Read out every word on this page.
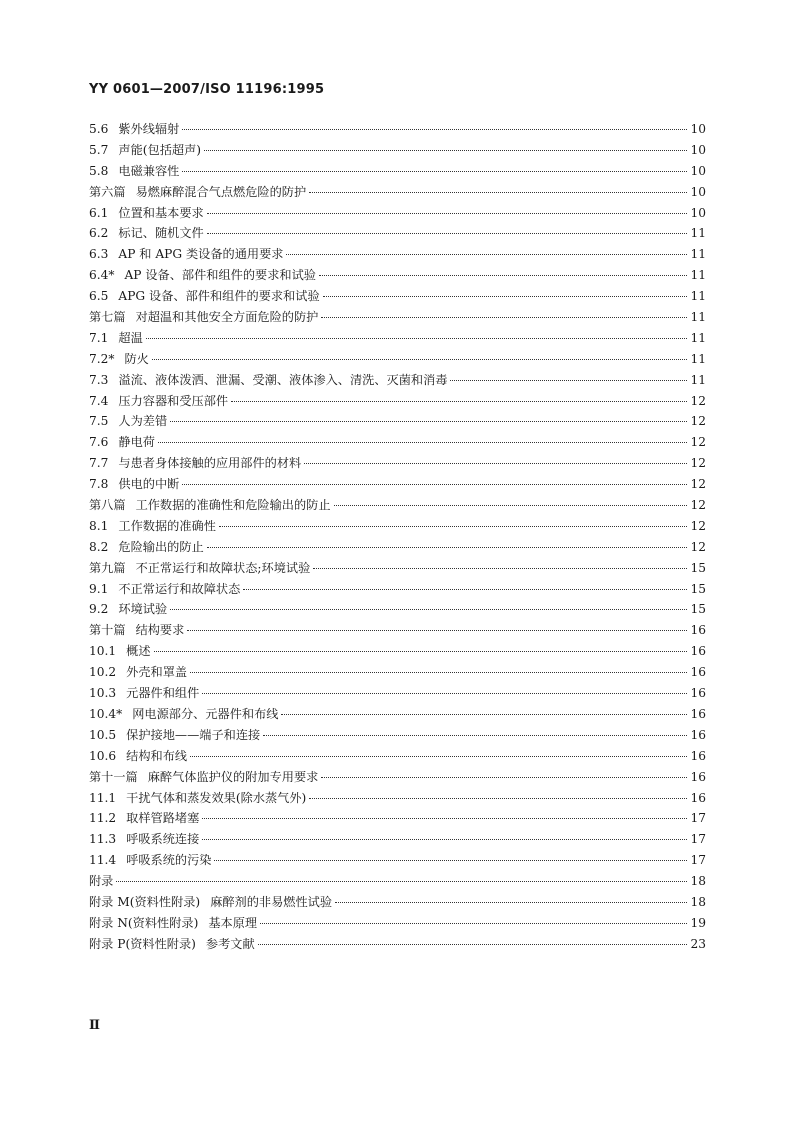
YY 0601—2007/ISO 11196:1995
5.6 紫外线辐射	10
5.7 声能(包括超声)	10
5.8 电磁兼容性	10
第六篇 易燃麻醉混合气点燃危险的防护	10
6.1 位置和基本要求	10
6.2 标记、随机文件	11
6.3 AP 和 APG 类设备的通用要求	11
6.4* AP 设备、部件和组件的要求和试验	11
6.5 APG 设备、部件和组件的要求和试验	11
第七篇 对超温和其他安全方面危险的防护	11
7.1 超温	11
7.2* 防火	11
7.3 溢流、液体泼洒、泄漏、受潮、液体渗入、清洗、灭菌和消毒	11
7.4 压力容器和受压部件	12
7.5 人为差错	12
7.6 静电荷	12
7.7 与患者身体接触的应用部件的材料	12
7.8 供电的中断	12
第八篇 工作数据的准确性和危险输出的防止	12
8.1 工作数据的准确性	12
8.2 危险输出的防止	12
第九篇 不正常运行和故障状态;环境试验	15
9.1 不正常运行和故障状态	15
9.2 环境试验	15
第十篇 结构要求	16
10.1 概述	16
10.2 外壳和罩盖	16
10.3 元器件和组件	16
10.4* 网电源部分、元器件和布线	16
10.5 保护接地——端子和连接	16
10.6 结构和布线	16
第十一篇 麻醉气体监护仪的附加专用要求	16
11.1 干扰气体和蒸发效果(除水蒸气外)	16
11.2 取样管路堵塞	17
11.3 呼吸系统连接	17
11.4 呼吸系统的污染	17
附录	18
附录 M(资料性附录) 麻醉剂的非易燃性试验	18
附录 N(资料性附录) 基本原理	19
附录 P(资料性附录) 参考文献	23
Ⅱ
